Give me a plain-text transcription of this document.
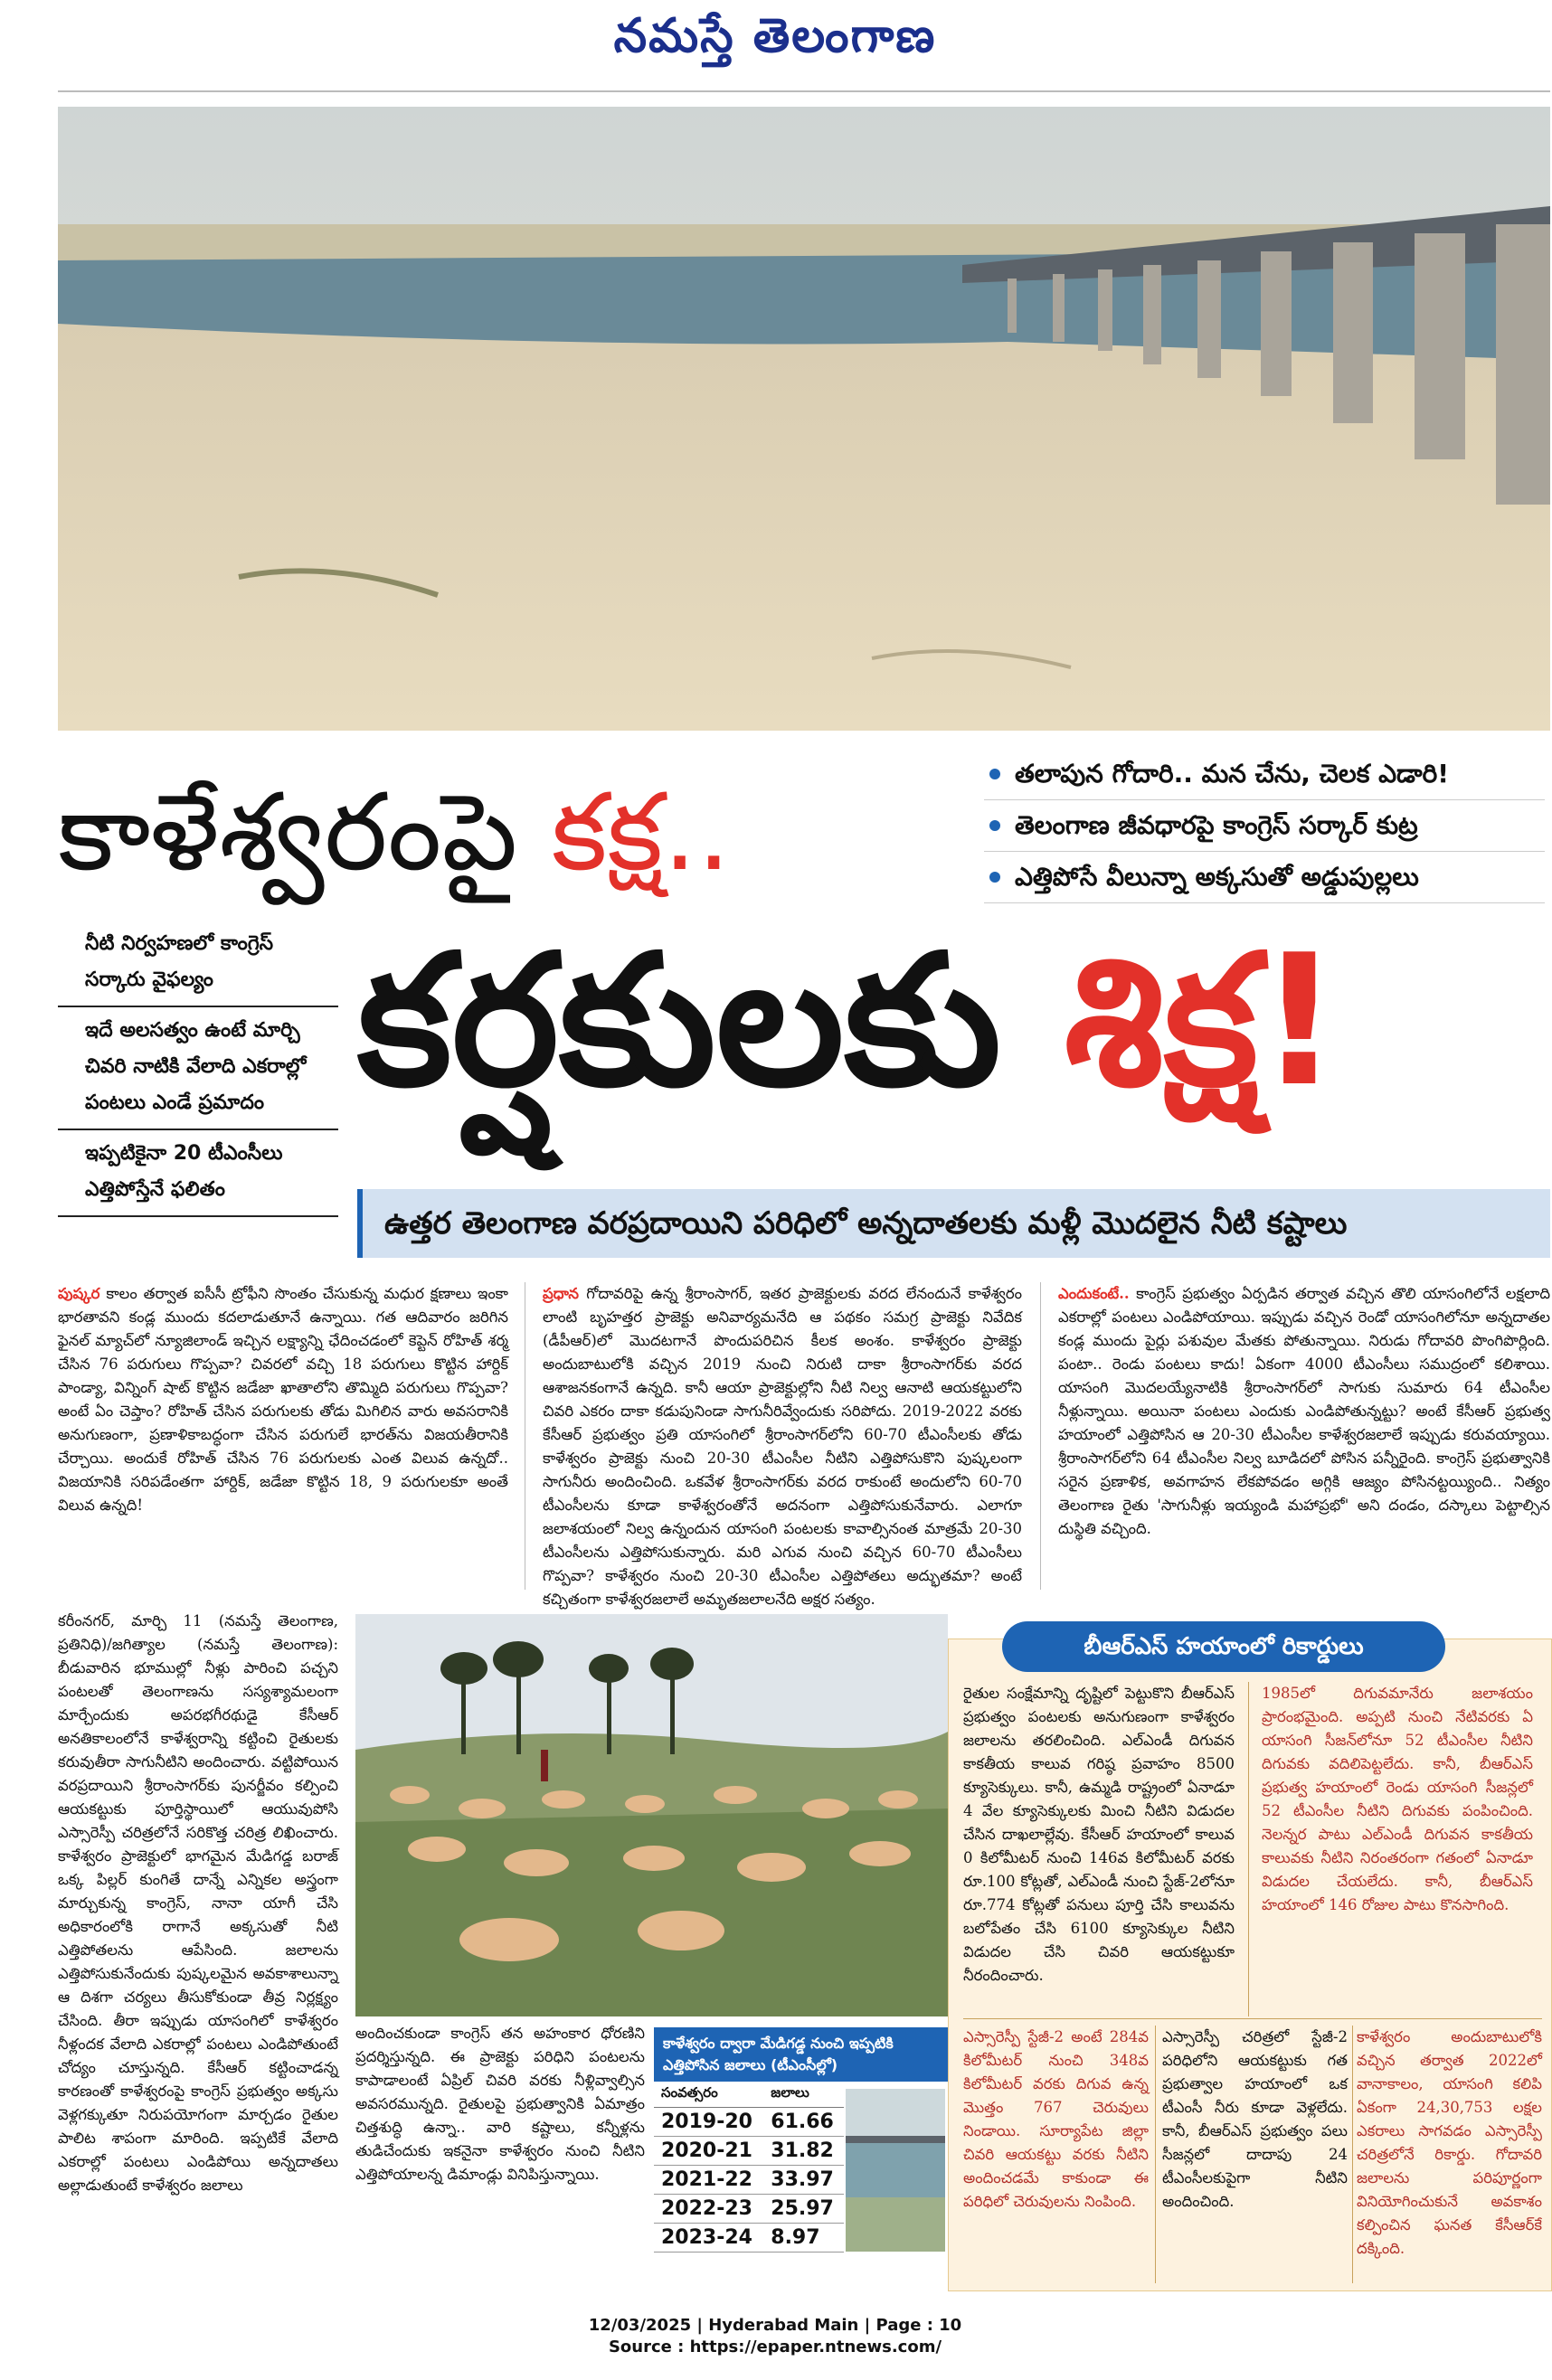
నమస్తే తెలంగాణ
కాళేశ్వరంపై కక్ష..	తలాపున గోదారి.. మన చేను, చెలక ఎడారి!
తెలంగాణ జీవధారపై కాంగ్రెస్ సర్కార్ కుట్ర
ఎత్తిపోసే వీలున్నా అక్కసుతో అడ్డుపుల్లలు
నీటి నిర్వహణలో కాంగ్రెస్ సర్కారు వైఫల్యం
ఇదే అలసత్వం ఉంటే మార్చి చివరి నాటికి వేలాది ఎకరాల్లో పంటలు ఎండే ప్రమాదం
ఇప్పటికైనా 20 టీఎంసీలు ఎత్తిపోస్తేనే ఫలితం
కర్షకులకు శిక్ష!
ఉత్తర తెలంగాణ వరప్రదాయిని పరిధిలో అన్నదాతలకు మళ్లీ మొదలైన నీటి కష్టాలు
పుష్కర కాలం తర్వాత ఐసీసీ ట్రోఫీని సొంతం చేసుకున్న మధుర క్షణాలు ఇంకా భారతావని కండ్ల ముందు కదలాడుతూనే ఉన్నాయి. గత ఆదివారం జరిగిన ఫైనల్ మ్యాచ్‌లో న్యూజిలాండ్ ఇచ్చిన లక్ష్యాన్ని ఛేదించడంలో కెప్టెన్ రోహిత్ శర్మ చేసిన 76 పరుగులు గొప్పవా? చివరలో వచ్చి 18 పరుగులు కొట్టిన హార్దిక్ పాండ్యా, విన్నింగ్ షాట్ కొట్టిన జడేజా ఖాతాలోని తొమ్మిది పరుగులు గొప్పవా? అంటే ఏం చెప్తాం? రోహిత్ చేసిన పరుగులకు తోడు మిగిలిన వారు అవసరానికి అనుగుణంగా, ప్రణాళికాబద్ధంగా చేసిన పరుగులే భారత్‌ను విజయతీరానికి చేర్చాయి. అందుకే రోహిత్ చేసిన 76 పరుగులకు ఎంత విలువ ఉన్నదో.. విజయానికి సరిపడేంతగా హార్దిక్, జడేజా కొట్టిన 18, 9 పరుగులకూ అంతే విలువ ఉన్నది!
ప్రధాన గోదావరిపై ఉన్న శ్రీరాంసాగర్, ఇతర ప్రాజెక్టులకు వరద లేనందునే కాళేశ్వరం లాంటి బృహత్తర ప్రాజెక్టు అనివార్యమనేది ఆ పథకం సమగ్ర ప్రాజెక్టు నివేదిక (డీపీఆర్)లో మొదటగానే పొందుపరిచిన కీలక అంశం. కాళేశ్వరం ప్రాజెక్టు అందుబాటులోకి వచ్చిన 2019 నుంచి నిరుటి దాకా శ్రీరాంసాగర్‌కు వరద ఆశాజనకంగానే ఉన్నది. కానీ ఆయా ప్రాజెక్టుల్లోని నీటి నిల్వ ఆనాటి ఆయకట్టులోని చివరి ఎకరం దాకా కడుపునిండా సాగునీరివ్వేందుకు సరిపోదు. 2019-2022 వరకు కేసీఆర్ ప్రభుత్వం ప్రతి యాసంగిలో శ్రీరాంసాగర్‌లోని 60-70 టీఎంసీలకు తోడు కాళేశ్వరం ప్రాజెక్టు నుంచి 20-30 టీఎంసీల నీటిని ఎత్తిపోసుకొని పుష్కలంగా సాగునీరు అందించింది. ఒకవేళ శ్రీరాంసాగర్‌కు వరద రాకుంటే అందులోని 60-70 టీఎంసీలను కూడా కాళేశ్వరంతోనే అదనంగా ఎత్తిపోసుకునేవారు. ఎలాగూ జలాశయంలో నిల్వ ఉన్నందున యాసంగి పంటలకు కావాల్సినంత మాత్రమే 20-30 టీఎంసీలను ఎత్తిపోసుకున్నారు. మరి ఎగువ నుంచి వచ్చిన 60-70 టీఎంసీలు గొప్పవా? కాళేశ్వరం నుంచి 20-30 టీఎంసీల ఎత్తిపోతలు అద్భుతమా? అంటే కచ్చితంగా కాళేశ్వరజలాలే అమృతజలాలనేది అక్షర సత్యం.
ఎందుకంటే.. కాంగ్రెస్ ప్రభుత్వం ఏర్పడిన తర్వాత వచ్చిన తొలి యాసంగిలోనే లక్షలాది ఎకరాల్లో పంటలు ఎండిపోయాయి. ఇప్పుడు వచ్చిన రెండో యాసంగిలోనూ అన్నదాతల కండ్ల ముందు పైర్లు పశువుల మేతకు పోతున్నాయి. నిరుడు గోదావరి పొంగిపొర్లింది. పంటా.. రెండు పంటలు కాదు! ఏకంగా 4000 టీఎంసీలు సముద్రంలో కలిశాయి. యాసంగి మొదలయ్యేనాటికి శ్రీరాంసాగర్‌లో సాగుకు సుమారు 64 టీఎంసీల నీళ్లున్నాయి. అయినా పంటలు ఎందుకు ఎండిపోతున్నట్టు? అంటే కేసీఆర్ ప్రభుత్వ హయాంలో ఎత్తిపోసిన ఆ 20-30 టీఎంసీల కాళేశ్వరజలాలే ఇప్పుడు కరువయ్యాయి. శ్రీరాంసాగర్‌లోని 64 టీఎంసీల నిల్వ బూడిదలో పోసిన పన్నీరైంది. కాంగ్రెస్ ప్రభుత్వానికి సరైన ప్రణాళిక, అవగాహన లేకపోవడం అగ్గికి ఆజ్యం పోసినట్టయ్యింది.. నిత్యం తెలంగాణ రైతు 'సాగునీళ్లు ఇయ్యండి మహాప్రభో' అని దండం, దస్కాలు పెట్టాల్సిన దుస్థితి వచ్చింది.
కరీంనగర్, మార్చి 11 (నమస్తే తెలంగాణ, ప్రతినిధి)/జగిత్యాల (నమస్తే తెలంగాణ): బీడువారిన భూముల్లో నీళ్లు పారించి పచ్చని పంటలతో తెలంగాణను సస్యశ్యామలంగా మార్చేందుకు అపరభగీరథుడై కేసీఆర్ అనతికాలంలోనే కాళేశ్వరాన్ని కట్టించి రైతులకు కరువుతీరా సాగునీటిని అందించారు. వట్టిపోయిన వరప్రదాయిని శ్రీరాంసాగర్‌కు పునర్జీవం కల్పించి ఆయకట్టుకు పూర్తిస్థాయిలో ఆయువుపోసి ఎస్సారెస్పీ చరిత్రలోనే సరికొత్త చరిత్ర లిఖించారు. కాళేశ్వరం ప్రాజెక్టులో భాగమైన మేడిగడ్డ బరాజ్ ఒక్క పిల్లర్ కుంగితే దాన్నే ఎన్నికల అస్త్రంగా మార్చుకున్న కాంగ్రెస్, నానా యాగీ చేసి అధికారంలోకి రాగానే అక్కసుతో నీటి ఎత్తిపోతలను ఆపేసింది. జలాలను ఎత్తిపోసుకునేందుకు పుష్కలమైన అవకాశాలున్నా ఆ దిశగా చర్యలు తీసుకోకుండా తీవ్ర నిర్లక్ష్యం చేసింది. తీరా ఇప్పుడు యాసంగిలో కాళేశ్వరం నీళ్లందక వేలాది ఎకరాల్లో పంటలు ఎండిపోతుంటే చోద్యం చూస్తున్నది. కేసీఆర్ కట్టించాడన్న కారణంతో కాళేశ్వరంపై కాంగ్రెస్ ప్రభుత్వం అక్కసు వెళ్లగక్కుతూ నిరుపయోగంగా మార్చడం రైతుల పాలిట శాపంగా మారింది. ఇప్పటికే వేలాది ఎకరాల్లో పంటలు ఎండిపోయి అన్నదాతలు అల్లాడుతుంటే కాళేశ్వరం జలాలు
అందించకుండా కాంగ్రెస్ తన అహంకార ధోరణిని ప్రదర్శిస్తున్నది. ఈ ప్రాజెక్టు పరిధిని పంటలను కాపాడాలంటే ఏప్రిల్ చివరి వరకు నీళ్లివ్వాల్సిన అవసరమున్నది. రైతులపై ప్రభుత్వానికి ఏమాత్రం చిత్తశుద్ధి ఉన్నా.. వారి కష్టాలు, కన్నీళ్లను తుడిచేందుకు ఇకనైనా కాళేశ్వరం నుంచి నీటిని ఎత్తిపోయాలన్న డిమాండ్లు వినిపిస్తున్నాయి.
కాళేశ్వరం ద్వారా మేడిగడ్డ నుంచి ఇప్పటికి ఎత్తిపోసిన జలాలు (టీఎంసీల్లో)
సంవత్సరం	జలాలు
2019-20	61.66
2020-21	31.82
2021-22	33.97
2022-23	25.97
2023-24	8.97
బీఆర్ఎస్ హయాంలో రికార్డులు
రైతుల సంక్షేమాన్ని దృష్టిలో పెట్టుకొని బీఆర్ఎస్ ప్రభుత్వం పంటలకు అనుగుణంగా కాళేశ్వరం జలాలను తరలించింది. ఎల్ఎండీ దిగువన కాకతీయ కాలువ గరిష్ఠ ప్రవాహం 8500 క్యూసెక్కులు. కానీ, ఉమ్మడి రాష్ట్రంలో ఏనాడూ 4 వేల క్యూసెక్కులకు మించి నీటిని విడుదల చేసిన దాఖలాల్లేవు. కేసీఆర్ హయాంలో కాలువ 0 కిలోమీటర్ నుంచి 146వ కిలోమీటర్ వరకు రూ.100 కోట్లతో, ఎల్ఎండీ నుంచి స్టేజ్-2లోనూ రూ.774 కోట్లతో పనులు పూర్తి చేసి కాలువను బలోపేతం చేసి 6100 క్యూసెక్కుల నీటిని విడుదల చేసి చివరి ఆయకట్టుకూ నీరందించారు.
1985లో దిగువమానేరు జలాశయం ప్రారంభమైంది. అప్పటి నుంచి నేటివరకు ఏ యాసంగి సీజన్‌లోనూ 52 టీఎంసీల నీటిని దిగువకు వదిలిపెట్టలేదు. కానీ, బీఆర్ఎస్ ప్రభుత్వ హయాంలో రెండు యాసంగి సీజన్లలో 52 టీఎంసీల నీటిని దిగువకు పంపించింది. నెలన్నర పాటు ఎల్ఎండీ దిగువన కాకతీయ కాలువకు నీటిని నిరంతరంగా గతంలో ఏనాడూ విడుదల చేయలేదు. కానీ, బీఆర్ఎస్ హయాంలో 146 రోజుల పాటు కొనసాగింది.
ఎస్సారెస్పీ స్టేజీ-2 అంటే 284వ కిలోమీటర్ నుంచి 348వ కిలోమీటర్ వరకు దిగువ ఉన్న మొత్తం 767 చెరువులు నిండాయి. సూర్యాపేట జిల్లా చివరి ఆయకట్టు వరకు నీటిని అందించడమే కాకుండా ఈ పరిధిలో చెరువులను నింపింది.
ఎస్సారెస్పీ చరిత్రలో స్టేజీ-2 పరిధిలోని ఆయకట్టుకు గత ప్రభుత్వాల హయాంలో ఒక టీఎంసీ నీరు కూడా వెళ్లలేదు. కానీ, బీఆర్ఎస్ ప్రభుత్వం పలు సీజన్లలో దాదాపు 24 టీఎంసీలకుపైగా నీటిని అందించింది.
కాళేశ్వరం అందుబాటులోకి వచ్చిన తర్వాత 2022లో వానాకాలం, యాసంగి కలిపి ఏకంగా 24,30,753 లక్షల ఎకరాలు సాగవడం ఎస్సారెస్పీ చరిత్రలోనే రికార్డు. గోదావరి జలాలను పరిపూర్ణంగా వినియోగించుకునే అవకాశం కల్పించిన ఘనత కేసీఆర్‌కే దక్కింది.
12/03/2025 | Hyderabad Main | Page : 10
Source : https://epaper.ntnews.com/
